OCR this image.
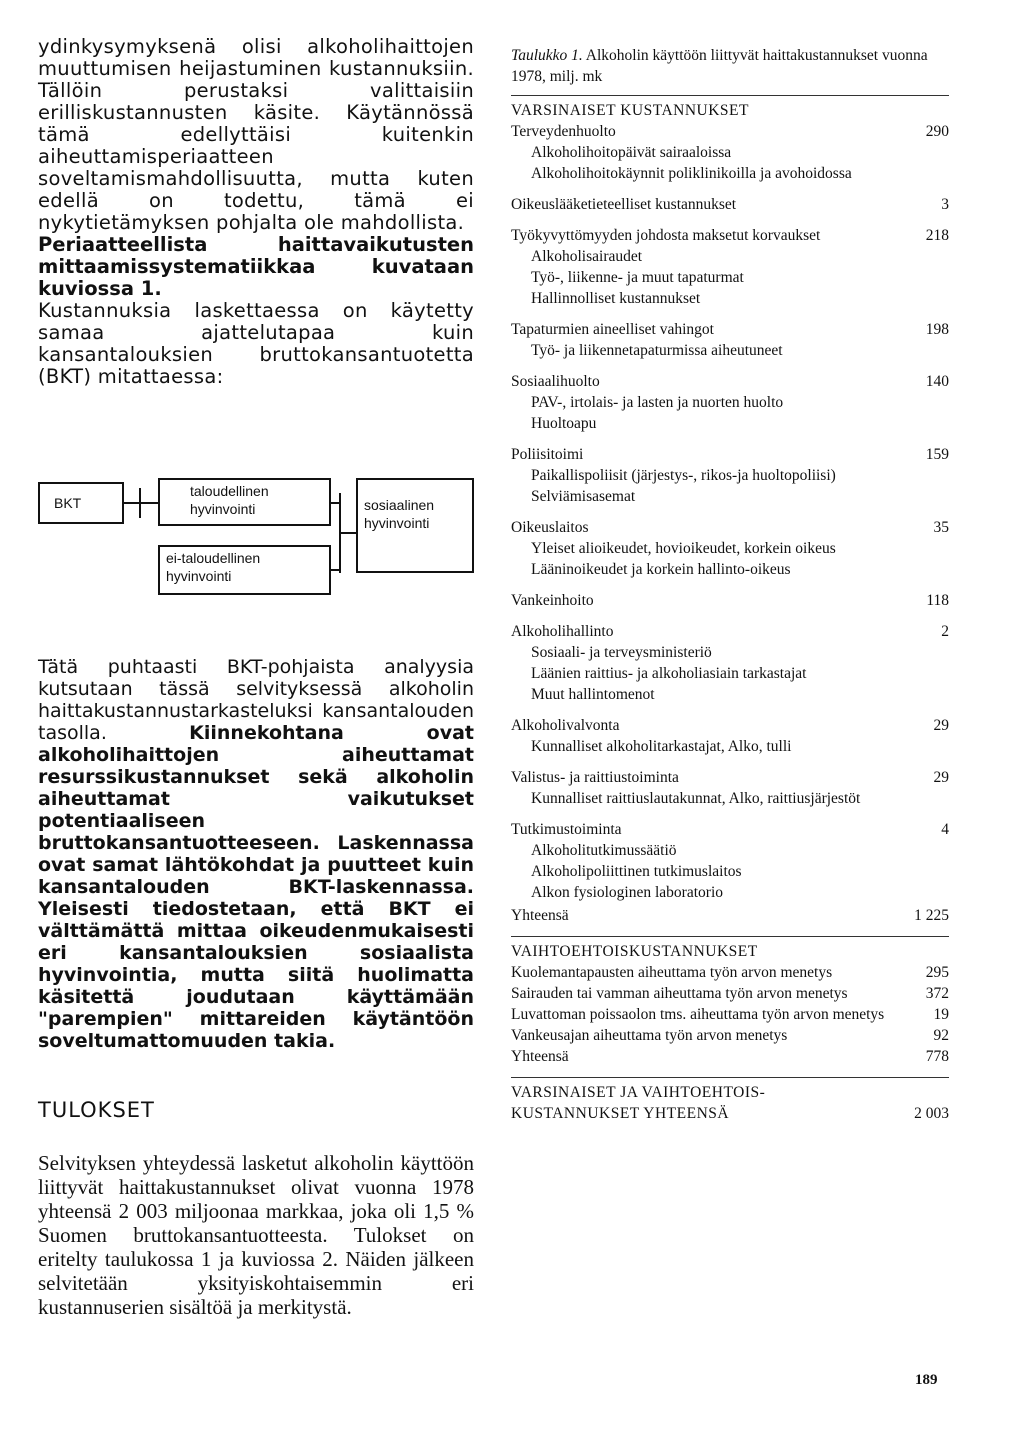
ydinkysymyksenä olisi alkoholihaittojen muuttumisen heijastuminen kustannuksiin. Tällöin perustaksi valittaisiin erilliskustannusten käsite. Käytännössä tämä edellyttäisi kuitenkin aiheuttamisperiaatteen soveltamismahdollisuutta, mutta kuten edellä on todettu, tämä ei nykytietämyksen pohjalta ole mahdollista.

Periaatteellista haittavaikutusten mittaamissystematiikkaa kuvataan kuviossa 1.

Kustannuksia laskettaessa on käytetty samaa ajattelutapaa kuin kansantalouksien bruttokansantuotetta (BKT) mitattaessa:

BKT
taloudellinen hyvinvointi
ei-taloudellinen hyvinvointi
sosiaalinen hyvinvointi

Tätä puhtaasti BKT-pohjaista analyysia kutsutaan tässä selvityksessä alkoholin haittakustannustarkasteluksi kansantalouden tasolla.	Kiinnekohtana ovat alkoholihaittojen aiheuttamat resurssikustannukset sekä alkoholin aiheuttamat vaikutukset potentiaaliseen bruttokansantuotteeseen. Laskennassa ovat samat lähtökohdat ja puutteet kuin kansantalouden BKT-laskennassa. Yleisesti tiedostetaan, että BKT ei välttämättä mittaa oikeudenmukaisesti eri kansantalouksien sosiaalista hyvinvointia, mutta siitä huolimatta käsitettä joudutaan käyttämään "parempien" mittareiden käytäntöön soveltumattomuuden takia.

TULOKSET

Selvityksen yhteydessä lasketut alkoholin käyttöön liittyvät haittakustannukset olivat vuonna 1978 yhteensä 2 003 miljoonaa markkaa, joka oli 1,5 % Suomen bruttokansantuotteesta. Tulokset on eritelty taulukossa 1 ja kuviossa 2. Näiden jälkeen selvitetään yksityiskohtaisemmin eri kustannuserien sisältöä ja merkitystä.

Taulukko 1. Alkoholin käyttöön liittyvät haittakustannukset vuonna 1978, milj. mk

VARSINAISET KUSTANNUKSET
Terveydenhuolto	290
Alkoholihoitopäivät sairaaloissa
Alkoholihoitokäynnit poliklinikoilla ja avohoidossa
Oikeuslääketieteelliset kustannukset	3
Työkyvyttömyyden johdosta maksetut korvaukset	218
Alkoholisairaudet
Työ-, liikenne- ja muut tapaturmat
Hallinnolliset kustannukset
Tapaturmien aineelliset vahingot	198
Työ- ja liikennetapaturmissa aiheutuneet
Sosiaalihuolto	140
PAV-, irtolais- ja lasten ja nuorten huolto
Huoltoapu
Poliisitoimi	159
Paikallispoliisit (järjestys-, rikos-ja huoltopoliisi)
Selviämisasemat
Oikeuslaitos	35
Yleiset alioikeudet, hovioikeudet, korkein oikeus
Lääninoikeudet ja korkein hallinto-oikeus
Vankeinhoito	118
Alkoholihallinto	2
Sosiaali- ja terveysministeriö
Läänien raittius- ja alkoholiasiain tarkastajat
Muut hallintomenot
Alkoholivalvonta	29
Kunnalliset alkoholitarkastajat, Alko, tulli
Valistus- ja raittiustoiminta	29
Kunnalliset raittiuslautakunnat, Alko, raittiusjärjestöt
Tutkimustoiminta	4
Alkoholitutkimussäätiö
Alkoholipoliittinen tutkimuslaitos
Alkon fysiologinen laboratorio
Yhteensä	1 225
VAIHTOEHTOISKUSTANNUKSET
Kuolemantapausten aiheuttama työn arvon menetys	295
Sairauden tai vamman aiheuttama työn arvon menetys	372
Luvattoman poissaolon tms. aiheuttama työn arvon menetys	19
Vankeusajan aiheuttama työn arvon menetys	92
Yhteensä	778
VARSINAISET JA VAIHTOEHTOIS-KUSTANNUKSET YHTEENSÄ	2 003
189
